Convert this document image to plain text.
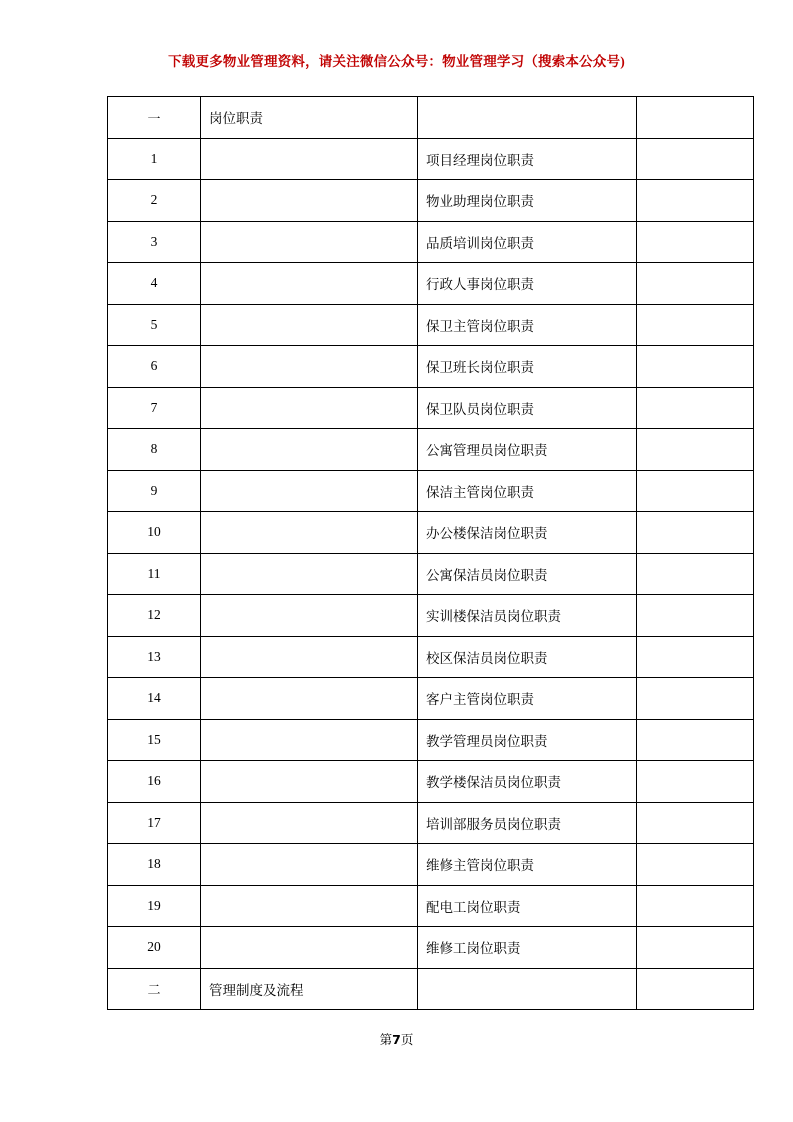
下载更多物业管理资料，请关注微信公众号：物业管理学习（搜索本公众号)
一	岗位职责		
1		项目经理岗位职责	
2		物业助理岗位职责	
3		品质培训岗位职责	
4		行政人事岗位职责	
5		保卫主管岗位职责	
6		保卫班长岗位职责	
7		保卫队员岗位职责	
8		公寓管理员岗位职责	
9		保洁主管岗位职责	
10		办公楼保洁岗位职责	
11		公寓保洁员岗位职责	
12		实训楼保洁员岗位职责	
13		校区保洁员岗位职责	
14		客户主管岗位职责	
15		教学管理员岗位职责	
16		教学楼保洁员岗位职责	
17		培训部服务员岗位职责	
18		维修主管岗位职责	
19		配电工岗位职责	
20		维修工岗位职责	
二	管理制度及流程		
第7页
